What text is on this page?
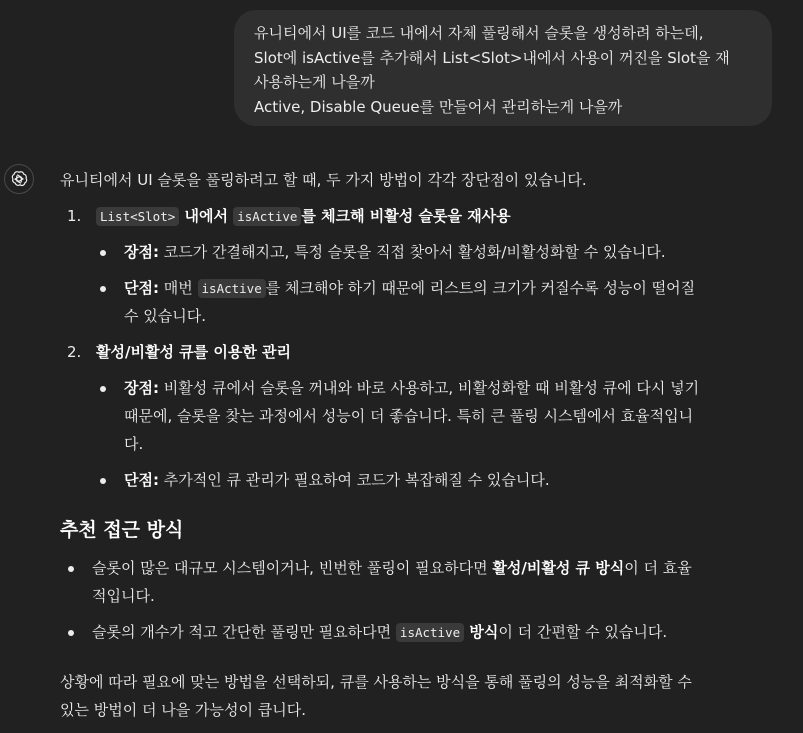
유니티에서 UI를 코드 내에서 자체 풀링해서 슬롯을 생성하려 하는데,
Slot에 isActive를 추가해서 List<Slot>내에서 사용이 꺼진을 Slot을 재
사용하는게 나을까
Active, Disable Queue를 만들어서 관리하는게 나을까
유니티에서 UI 슬롯을 풀링하려고 할 때, 두 가지 방법이 각각 장단점이 있습니다.
1. List<Slot> 내에서 isActive 를 체크해 비활성 슬롯을 재사용
장점: 코드가 간결해지고, 특정 슬롯을 직접 찾아서 활성화/비활성화할 수 있습니다.
단점: 매번 isActive 를 체크해야 하기 때문에 리스트의 크기가 커질수록 성능이 떨어질
수 있습니다.
2. 활성/비활성 큐를 이용한 관리
장점: 비활성 큐에서 슬롯을 꺼내와 바로 사용하고, 비활성화할 때 비활성 큐에 다시 넣기
때문에, 슬롯을 찾는 과정에서 성능이 더 좋습니다. 특히 큰 풀링 시스템에서 효율적입니
다.
단점: 추가적인 큐 관리가 필요하여 코드가 복잡해질 수 있습니다.
추천 접근 방식
슬롯이 많은 대규모 시스템이거나, 빈번한 풀링이 필요하다면 활성/비활성 큐 방식이 더 효율
적입니다.
슬롯의 개수가 적고 간단한 풀링만 필요하다면 isActive 방식이 더 간편할 수 있습니다.
상황에 따라 필요에 맞는 방법을 선택하되, 큐를 사용하는 방식을 통해 풀링의 성능을 최적화할 수
있는 방법이 더 나을 가능성이 큽니다.
